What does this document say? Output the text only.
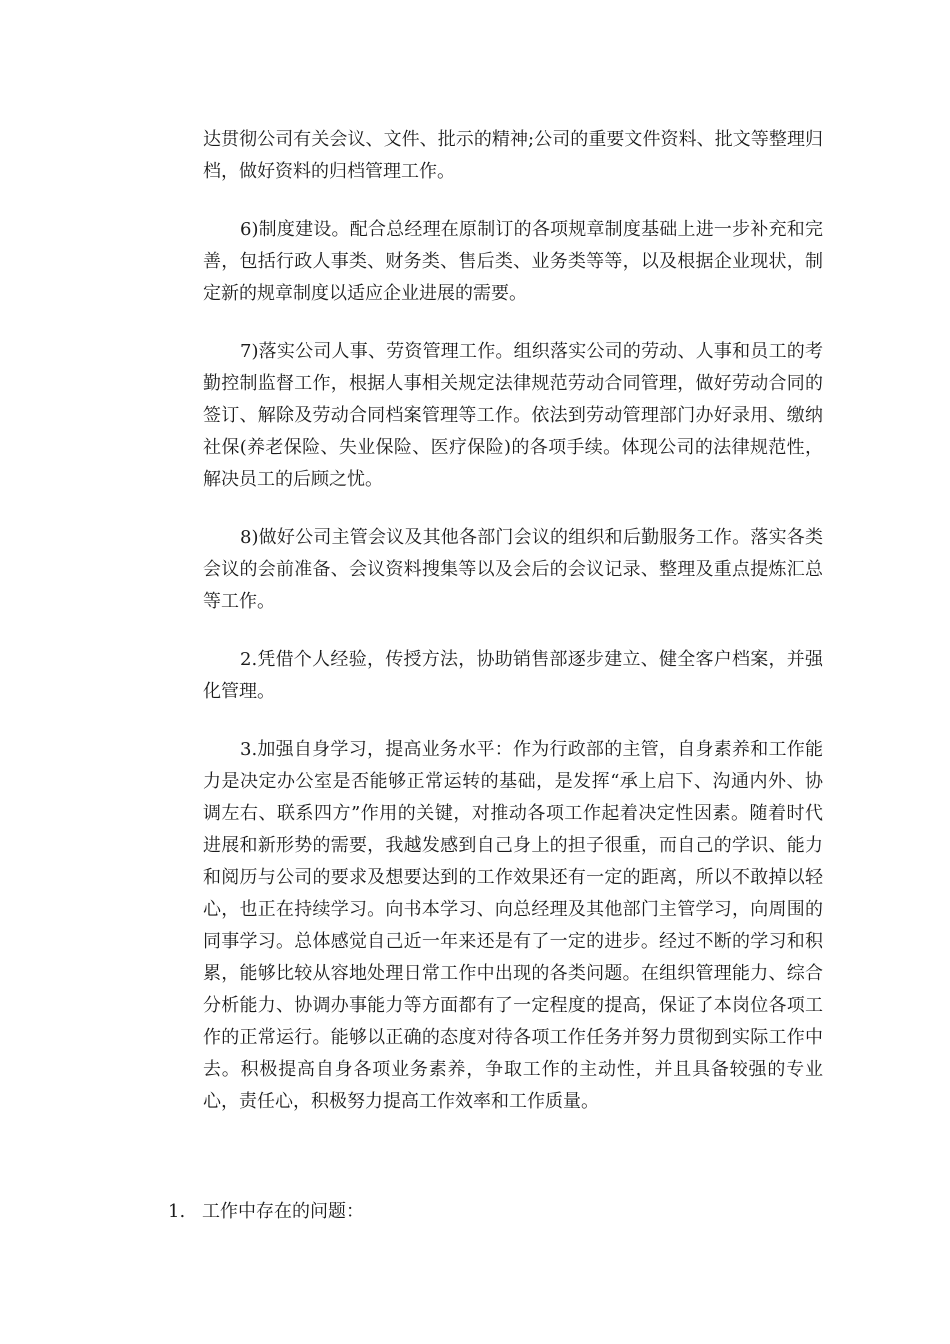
达贯彻公司有关会议、文件、批示的精神;公司的重要文件资料、批文等整理归档，做好资料的归档管理工作。

6)制度建设。配合总经理在原制订的各项规章制度基础上进一步补充和完善，包括行政人事类、财务类、售后类、业务类等等，以及根据企业现状，制定新的规章制度以适应企业进展的需要。

7)落实公司人事、劳资管理工作。组织落实公司的劳动、人事和员工的考勤控制监督工作，根据人事相关规定法律规范劳动合同管理，做好劳动合同的签订、解除及劳动合同档案管理等工作。依法到劳动管理部门办好录用、缴纳社保(养老保险、失业保险、医疗保险)的各项手续。体现公司的法律规范性，解决员工的后顾之忧。

8)做好公司主管会议及其他各部门会议的组织和后勤服务工作。落实各类会议的会前准备、会议资料搜集等以及会后的会议记录、整理及重点提炼汇总等工作。

2.凭借个人经验，传授方法，协助销售部逐步建立、健全客户档案，并强化管理。

3.加强自身学习，提高业务水平：作为行政部的主管，自身素养和工作能力是决定办公室是否能够正常运转的基础，是发挥“承上启下、沟通内外、协调左右、联系四方”作用的关键，对推动各项工作起着决定性因素。随着时代进展和新形势的需要，我越发感到自己身上的担子很重，而自己的学识、能力和阅历与公司的要求及想要达到的工作效果还有一定的距离，所以不敢掉以轻心，也正在持续学习。向书本学习、向总经理及其他部门主管学习，向周围的同事学习。总体感觉自己近一年来还是有了一定的进步。经过不断的学习和积累，能够比较从容地处理日常工作中出现的各类问题。在组织管理能力、综合分析能力、协调办事能力等方面都有了一定程度的提高，保证了本岗位各项工作的正常运行。能够以正确的态度对待各项工作任务并努力贯彻到实际工作中去。积极提高自身各项业务素养，争取工作的主动性，并且具备较强的专业心，责任心，积极努力提高工作效率和工作质量。

1. 工作中存在的问题：
